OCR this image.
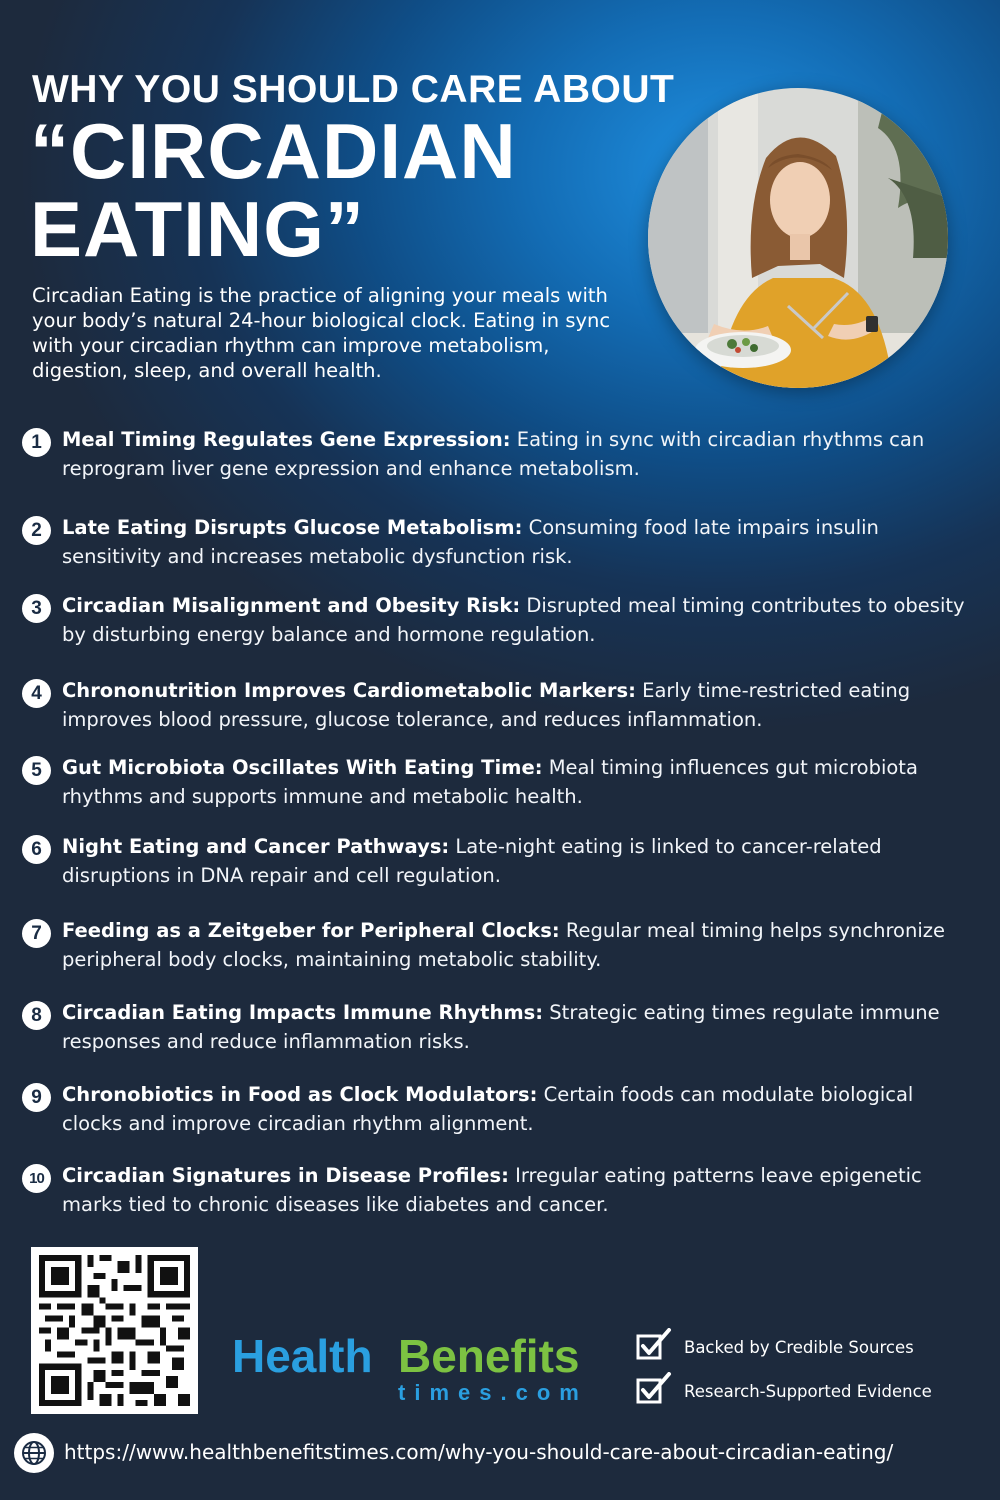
WHY YOU SHOULD CARE ABOUT
“CIRCADIAN EATING”
Circadian Eating is the practice of aligning your meals with your body’s natural 24-hour biological clock. Eating in sync with your circadian rhythm can improve metabolism, digestion, sleep, and overall health.
1	Meal Timing Regulates Gene Expression: Eating in sync with circadian rhythms can reprogram liver gene expression and enhance metabolism.
2	Late Eating Disrupts Glucose Metabolism: Consuming food late impairs insulin sensitivity and increases metabolic dysfunction risk.
3	Circadian Misalignment and Obesity Risk: Disrupted meal timing contributes to obesity by disturbing energy balance and hormone regulation.
4	Chrononutrition Improves Cardiometabolic Markers: Early time-restricted eating improves blood pressure, glucose tolerance, and reduces inflammation.
5	Gut Microbiota Oscillates With Eating Time: Meal timing influences gut microbiota rhythms and supports immune and metabolic health.
6	Night Eating and Cancer Pathways: Late-night eating is linked to cancer-related disruptions in DNA repair and cell regulation.
7	Feeding as a Zeitgeber for Peripheral Clocks: Regular meal timing helps synchronize peripheral body clocks, maintaining metabolic stability.
8	Circadian Eating Impacts Immune Rhythms: Strategic eating times regulate immune responses and reduce inflammation risks.
9	Chronobiotics in Food as Clock Modulators: Certain foods can modulate biological clocks and improve circadian rhythm alignment.
10 Circadian Signatures in Disease Profiles: Irregular eating patterns leave epigenetic marks tied to chronic diseases like diabetes and cancer.
Health Benefits
times.com
Backed by Credible Sources
Research-Supported Evidence
https://www.healthbenefitstimes.com/why-you-should-care-about-circadian-eating/
